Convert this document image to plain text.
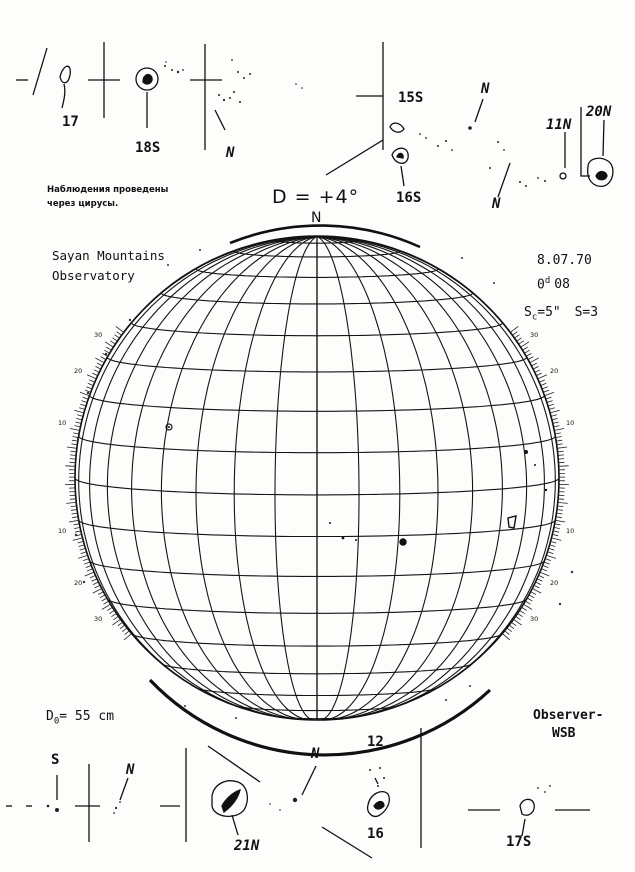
D = +4°
N
Sayan Mountains
Observatory
Наблюдения проведены
через цирусы.
8.07.70
0$^d$ 08
$S_c=5$" S=3
$D_0= 55$ cm	Observer-
WSB
17
18S	N
15S
16S
N
N
11N
20N
S
N
21N
N
12
16	17S
30
20
10
10
20
30
30
20
10
10
20
30
